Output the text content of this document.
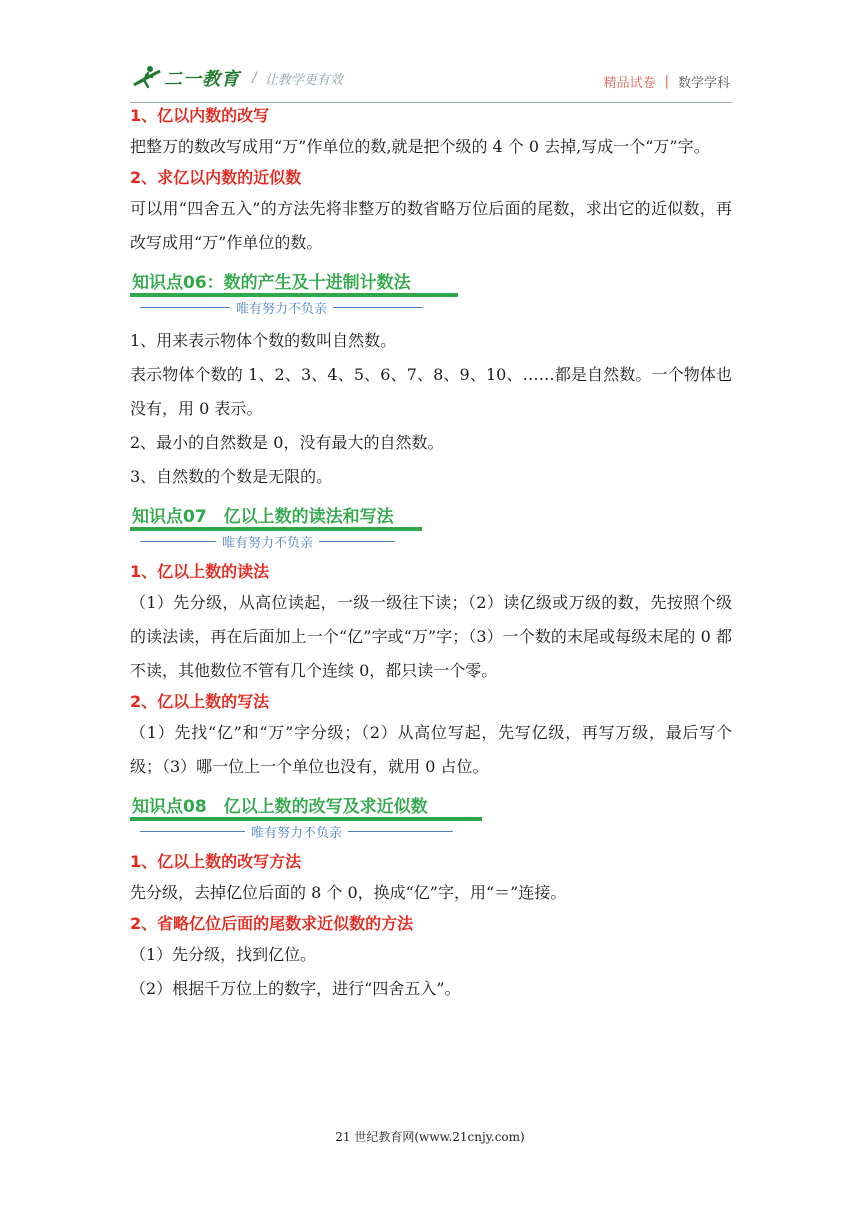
二一教育 / 让教学更有效	精品试卷 | 数学学科

1、亿以内数的改写

把整万的数改写成用“万”作单位的数,就是把个级的 4 个 0 去掉,写成一个“万”字。

2、求亿以内数的近似数

可以用“四舍五入”的方法先将非整万的数省略万位后面的尾数，求出它的近似数，再改写成用“万”作单位的数。

知识点06：数的产生及十进制计数法
唯有努力不负亲

1、用来表示物体个数的数叫自然数。

表示物体个数的 1、2、3、4、5、6、7、8、9、10、……都是自然数。一个物体也没有，用 0 表示。

2、最小的自然数是 0，没有最大的自然数。

3、自然数的个数是无限的。

知识点07　亿以上数的读法和写法
唯有努力不负亲

1、亿以上数的读法

（1）先分级，从高位读起，一级一级往下读；（2）读亿级或万级的数，先按照个级的读法读，再在后面加上一个“亿”字或“万”字；（3）一个数的末尾或每级末尾的 0 都不读，其他数位不管有几个连续 0，都只读一个零。

2、亿以上数的写法

（1）先找“亿”和“万”字分级；（2）从高位写起，先写亿级，再写万级，最后写个级；（3）哪一位上一个单位也没有，就用 0 占位。

知识点08　亿以上数的改写及求近似数
唯有努力不负亲

1、亿以上数的改写方法

先分级，去掉亿位后面的 8 个 0，换成“亿”字，用“＝”连接。

2、省略亿位后面的尾数求近似数的方法

（1）先分级，找到亿位。

（2）根据千万位上的数字，进行“四舍五入”。

21 世纪教育网(www.21cnjy.com)
